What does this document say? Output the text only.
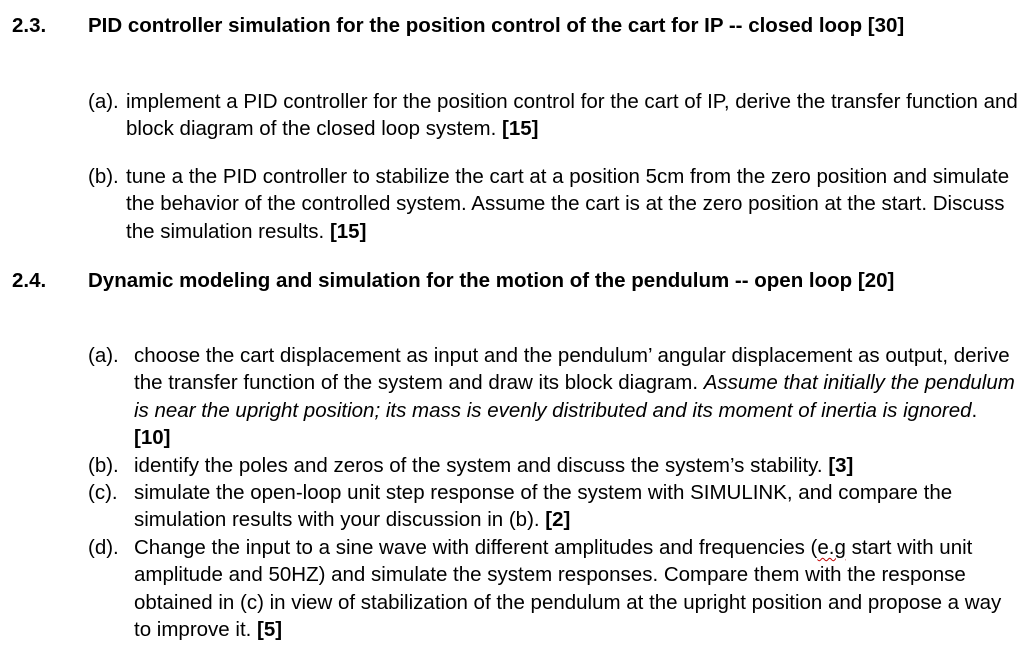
2.3. PID controller simulation for the position control of the cart for IP -- closed loop [30]
(a). implement a PID controller for the position control for the cart of IP, derive the transfer function and block diagram of the closed loop system. [15]
(b). tune a the PID controller to stabilize the cart at a position 5cm from the zero position and simulate the behavior of the controlled system. Assume the cart is at the zero position at the start. Discuss the simulation results. [15]
2.4. Dynamic modeling and simulation for the motion of the pendulum -- open loop [20]
(a). choose the cart displacement as input and the pendulum’ angular displacement as output, derive the transfer function of the system and draw its block diagram. Assume that initially the pendulum is near the upright position; its mass is evenly distributed and its moment of inertia is ignored. [10]
(b). identify the poles and zeros of the system and discuss the system’s stability. [3]
(c). simulate the open-loop unit step response of the system with SIMULINK, and compare the simulation results with your discussion in (b). [2]
(d). Change the input to a sine wave with different amplitudes and frequencies (e.g start with unit amplitude and 50HZ) and simulate the system responses. Compare them with the response obtained in (c) in view of stabilization of the pendulum at the upright position and propose a way to improve it. [5]
